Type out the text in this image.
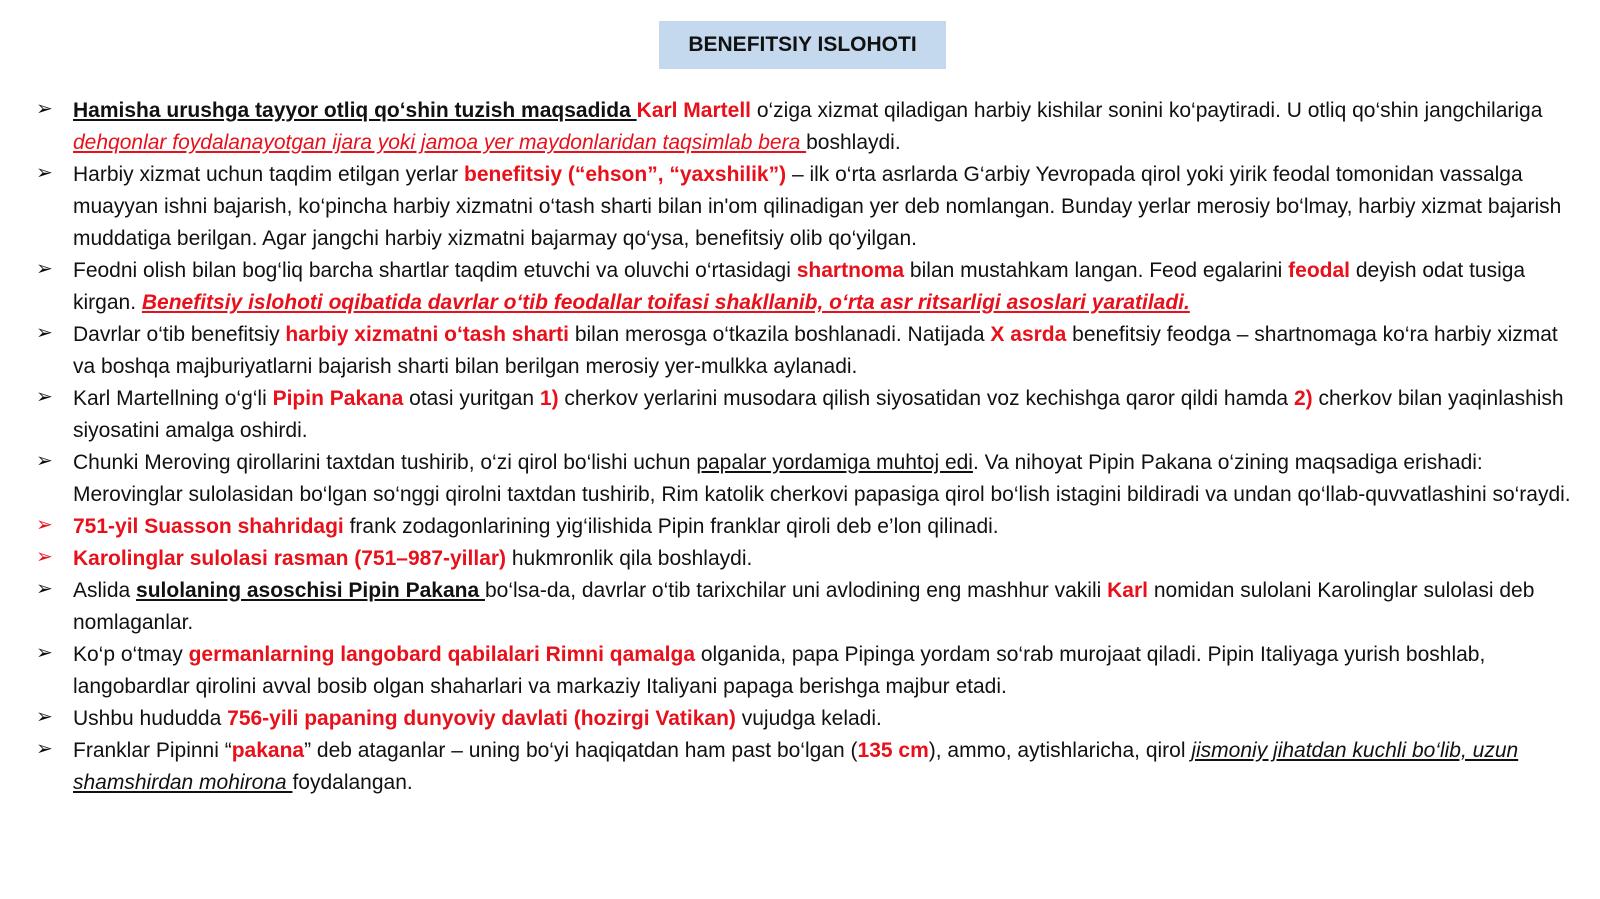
BENEFITSIY ISLOHOTI
➢ Hamisha urushga tayyor otliq qo‘shin tuzish maqsadida Karl Martell o‘ziga xizmat qiladigan harbiy kishilar sonini ko‘paytiradi. U otliq qo‘shin jangchilariga dehqonlar foydalanayotgan ijara yoki jamoa yer maydonlaridan taqsimlab bera boshlaydi.
➢ Harbiy xizmat uchun taqdim etilgan yerlar benefitsiy (“ehson”, “yaxshilik”) – ilk o‘rta asrlarda G‘arbiy Yevropada qirol yoki yirik feodal tomonidan vassalga muayyan ishni bajarish, ko‘pincha harbiy xizmatni o‘tash sharti bilan in'om qilinadigan yer deb nomlangan. Bunday yerlar merosiy bo‘lmay, harbiy xizmat bajarish muddatiga berilgan. Agar jangchi harbiy xizmatni bajarmay qo‘ysa, benefitsiy olib qo‘yilgan.
➢ Feodni olish bilan bog‘liq barcha shartlar taqdim etuvchi va oluvchi o‘rtasidagi shartnoma bilan mustahkam langan. Feod egalarini feodal deyish odat tusiga kirgan. Benefitsiy islohoti oqibatida davrlar o‘tib feodallar toifasi shakllanib, o‘rta asr ritsarligi asoslari yaratiladi.
➢ Davrlar o‘tib benefitsiy harbiy xizmatni o‘tash sharti bilan merosga o‘tkazila boshlanadi. Natijada X asrda benefitsiy feodga – shartnomaga ko‘ra harbiy xizmat va boshqa majburiyatlarni bajarish sharti bilan berilgan merosiy yer-mulkka aylanadi.
➢ Karl Martellning o‘g‘li Pipin Pakana otasi yuritgan 1) cherkov yerlarini musodara qilish siyosatidan voz kechishga qaror qildi hamda 2) cherkov bilan yaqinlashish siyosatini amalga oshirdi.
➢ Chunki Meroving qirollarini taxtdan tushirib, o‘zi qirol bo‘lishi uchun papalar yordamiga muhtoj edi. Va nihoyat Pipin Pakana o‘zining maqsadiga erishadi: Merovinglar sulolasidan bo‘lgan so‘nggi qirolni taxtdan tushirib, Rim katolik cherkovi papasiga qirol bo‘lish istagini bildiradi va undan qo‘llab-quvvatlashini so‘raydi.
➢ 751-yil Suasson shahridagi frank zodagonlarining yig‘ilishida Pipin franklar qiroli deb e’lon qilinadi.
➢ Karolinglar sulolasi rasman (751–987-yillar) hukmronlik qila boshlaydi.
➢ Aslida sulolaning asoschisi Pipin Pakana bo‘lsa-da, davrlar o‘tib tarixchilar uni avlodining eng mashhur vakili Karl nomidan sulolani Karolinglar sulolasi deb nomlaganlar.
➢ Ko‘p o‘tmay germanlarning langobard qabilalari Rimni qamalga olganida, papa Pipinga yordam so‘rab murojaat qiladi. Pipin Italiyaga yurish boshlab, langobardlar qirolini avval bosib olgan shaharlari va markaziy Italiyani papaga berishga majbur etadi.
➢ Ushbu hududda 756-yili papaning dunyoviy davlati (hozirgi Vatikan) vujudga keladi.
➢ Franklar Pipinni “pakana” deb ataganlar – uning bo‘yi haqiqatdan ham past bo‘lgan (135 cm), ammo, aytishlaricha, qirol jismoniy jihatdan kuchli bo‘lib, uzun shamshirdan mohirona foydalangan.
